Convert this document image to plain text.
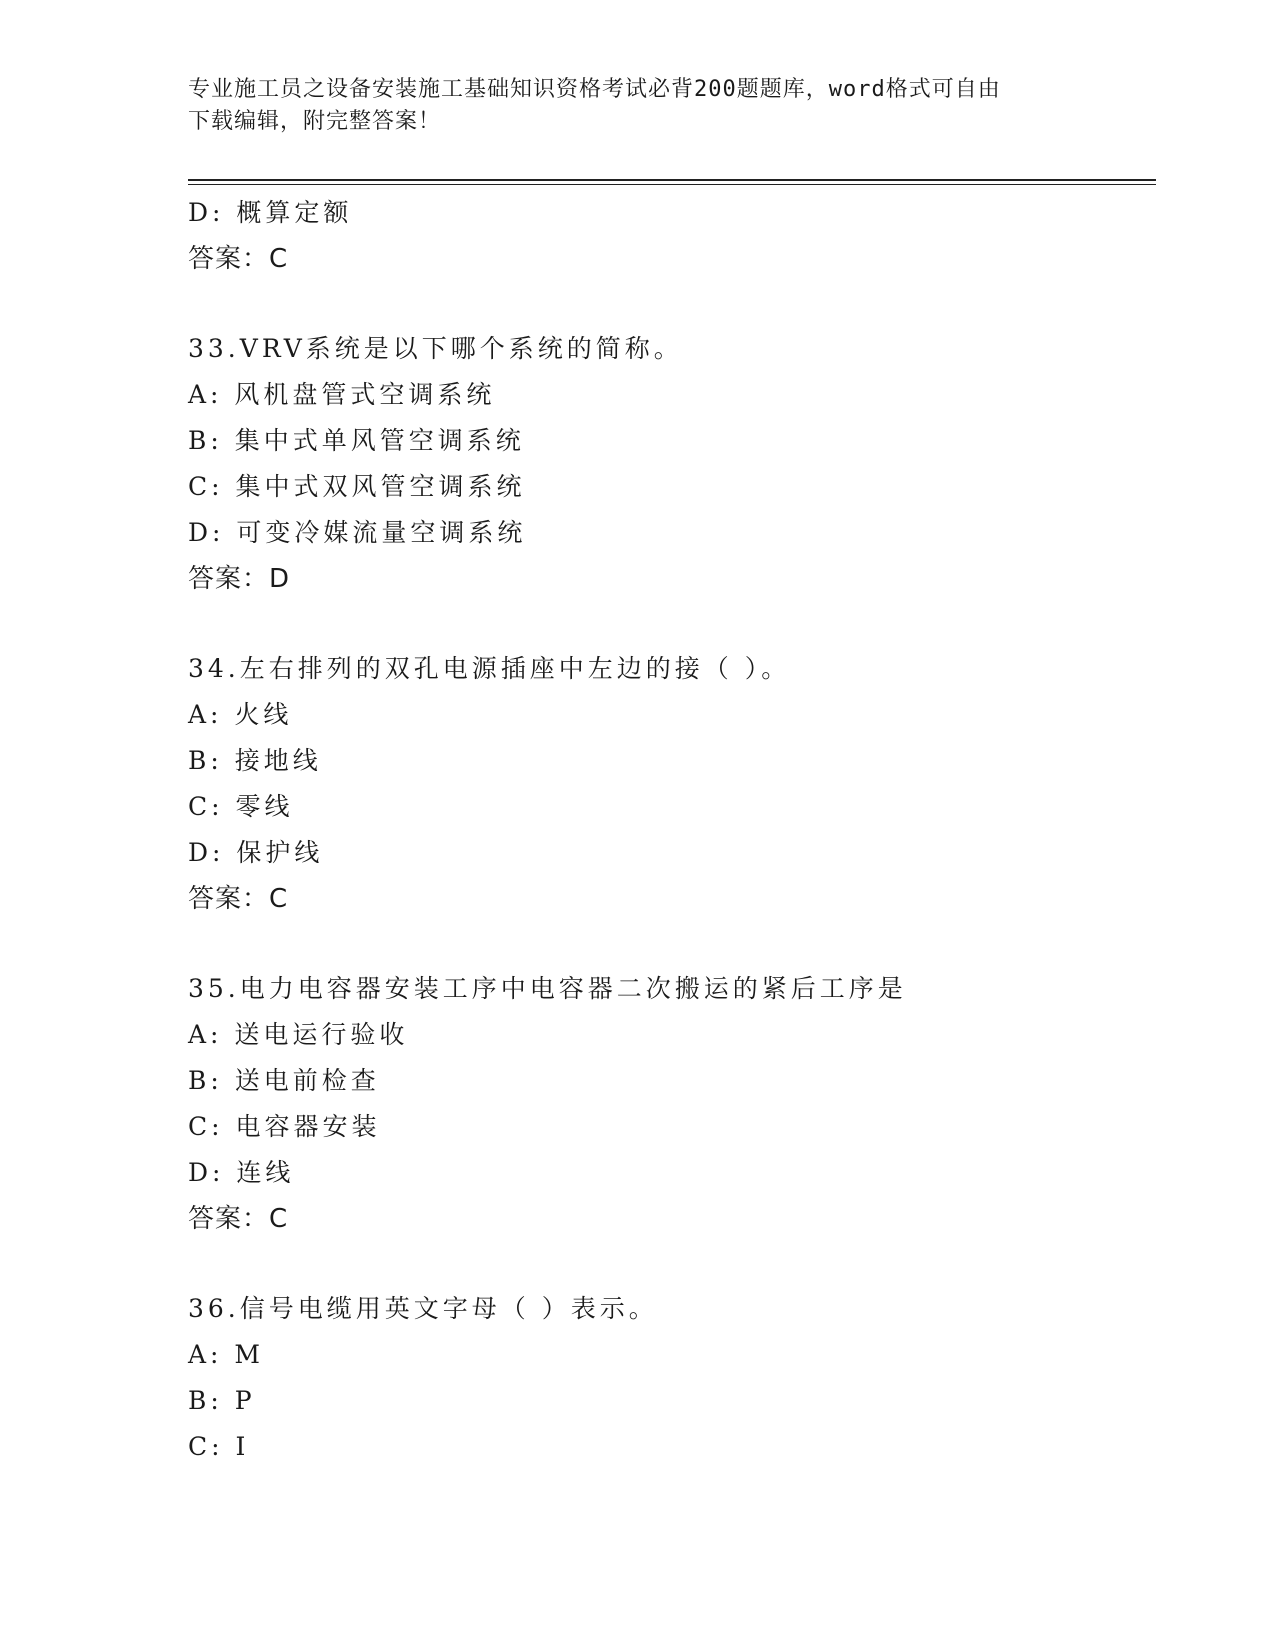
专业施工员之设备安装施工基础知识资格考试必背200题题库，word格式可自由
下载编辑，附完整答案！
D: 概算定额
答案：C
33.VRV系统是以下哪个系统的简称。
A: 风机盘管式空调系统
B: 集中式单风管空调系统
C: 集中式双风管空调系统
D: 可变冷媒流量空调系统
答案：D
34.左右排列的双孔电源插座中左边的接（ ）。
A: 火线
B: 接地线
C: 零线
D: 保护线
答案：C
35.电力电容器安装工序中电容器二次搬运的紧后工序是
A: 送电运行验收
B: 送电前检查
C: 电容器安装
D: 连线
答案：C
36.信号电缆用英文字母（ ）表示。
A: M
B: P
C: I
